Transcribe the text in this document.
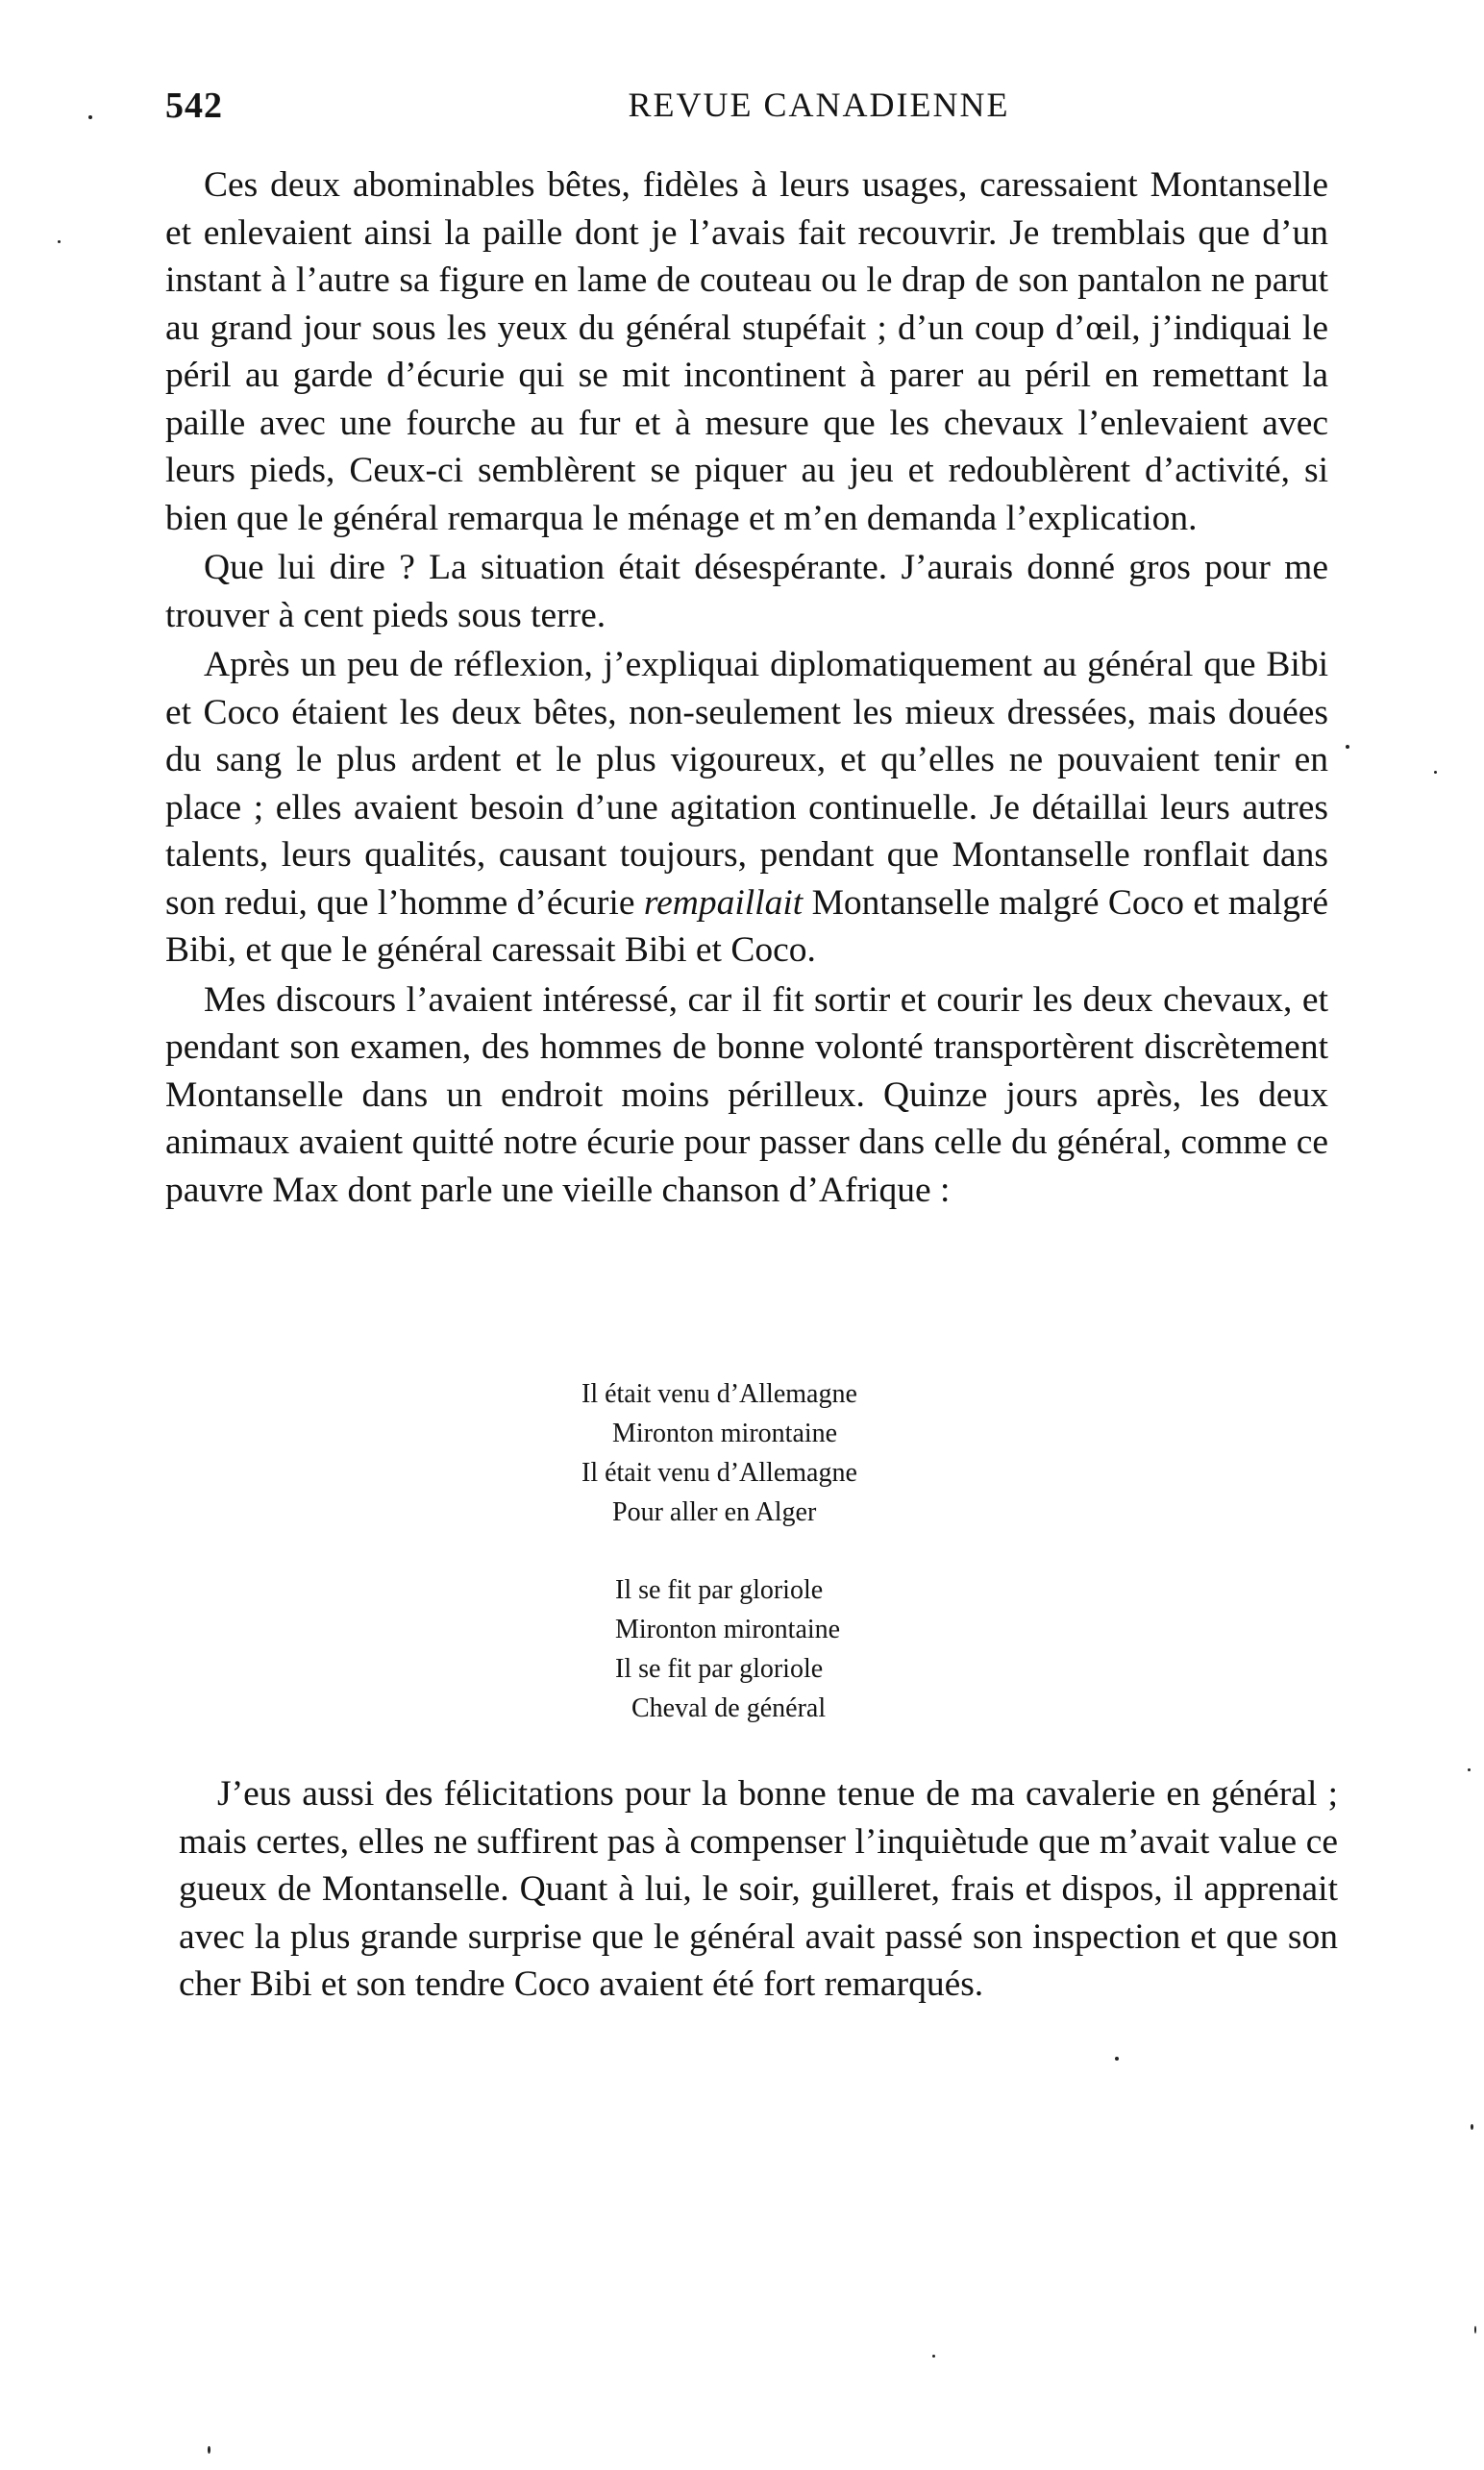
542	REVUE CANADIENNE

Ces deux abominables bêtes, fidèles à leurs usages, caressaient Montanselle et enlevaient ainsi la paille dont je l’avais fait recouvrir. Je tremblais que d’un instant à l’autre sa figure en lame de couteau ou le drap de son pantalon ne parut au grand jour sous les yeux du général stupéfait ; d’un coup d’œil, j’indiquai le péril au garde d’écurie qui se mit incontinent à parer au péril en remettant la paille avec une fourche au fur et à mesure que les chevaux l’enlevaient avec leurs pieds, Ceux-ci semblèrent se piquer au jeu et redoublèrent d’activité, si bien que le général remarqua le ménage et m’en demanda l’explication.

Que lui dire ? La situation était désespérante. J’aurais donné gros pour me trouver à cent pieds sous terre.

Après un peu de réflexion, j’expliquai diplomatiquement au général que Bibi et Coco étaient les deux bêtes, non-seulement les mieux dressées, mais douées du sang le plus ardent et le plus vigoureux, et qu’elles ne pouvaient tenir en place ; elles avaient besoin d’une agitation continuelle. Je détaillai leurs autres talents, leurs qualités, causant toujours, pendant que Montanselle ronflait dans son redui, que l’homme d’écurie rempaillait Montanselle malgré Coco et malgré Bibi, et que le général caressait Bibi et Coco.

Mes discours l’avaient intéressé, car il fit sortir et courir les deux chevaux, et pendant son examen, des hommes de bonne volonté transportèrent discrètement Montanselle dans un endroit moins périlleux. Quinze jours après, les deux animaux avaient quitté notre écurie pour passer dans celle du général, comme ce pauvre Max dont parle une vieille chanson d’Afrique :

Il était venu d’Allemagne
Mironton mirontaine
Il était venu d’Allemagne
Pour aller en Alger
Il se fit par gloriole
Mironton mirontaine
Il se fit par gloriole
Cheval de général

J’eus aussi des félicitations pour la bonne tenue de ma cavalerie en général ; mais certes, elles ne suffirent pas à compenser l’inquiètude que m’avait value ce gueux de Montanselle. Quant à lui, le soir, guilleret, frais et dispos, il apprenait avec la plus grande surprise que le général avait passé son inspection et que son cher Bibi et son tendre Coco avaient été fort remarqués.
